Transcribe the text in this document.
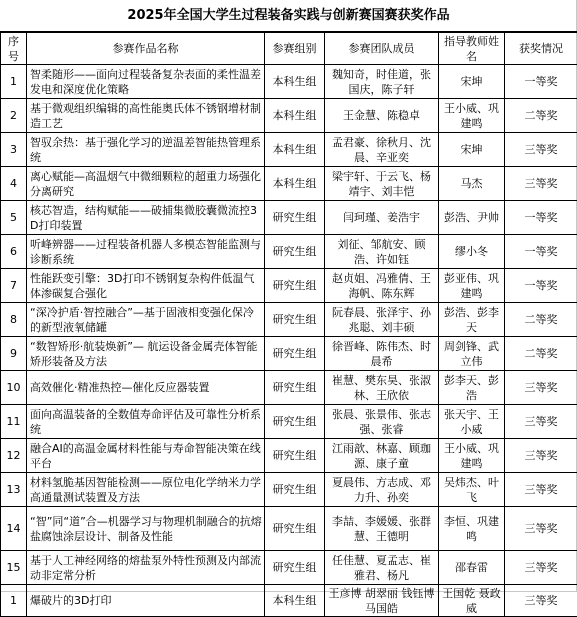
2025年全国大学生过程装备实践与创新赛国赛获奖作品
序号	参赛作品名称	参赛组别	参赛团队成员	指导教师姓名	获奖情况
1	智柔随形——面向过程装备复杂表面的柔性温差发电和深度优化策略	本科生组	魏知奇，时佳道，张国庆，陈子轩	宋坤	一等奖
2	基于微观组织编辑的高性能奥氏体不锈钢增材制造工艺	本科生组	王金慧、陈稳卓	王小威、巩建鸣	二等奖
3	智驭余热：基于强化学习的逆温差智能热管理系统	本科生组	孟君豪、徐秋月、沈晨、辛亚奕	宋坤	三等奖
4	离心赋能—高温烟气中微细颗粒的超重力场强化分离研究	本科生组	梁宇轩、于云飞、杨靖宇、刘丰恺	马杰	三等奖
5	核芯智造，结构赋能——破捕集微胶囊微流控3D打印装置	研究生组	闫珂瑾、姜浩宇	彭浩、尹帅	一等奖
6	听峰辨器——过程装备机器人多模态智能监测与诊断系统	研究生组	刘征、邹航安、顾浩、许如钰	缪小冬	一等奖
7	性能跃变引擎：3D打印不锈钢复杂构件低温气体渗碳复合强化	研究生组	赵贞姐、冯雅倩、王海帆、陈东辉	彭亚伟、巩建鸣	一等奖
8	“深冷护盾·智控融合”—基于固液相变强化保冷的新型液氧储罐	研究生组	阮春晨、张泽宇、孙兆聪、刘丰硕	彭浩、彭李天	二等奖
9	“数智矫形·航装焕新”— 航运设备金属壳体智能矫形装备及方法	研究生组	徐晋峰、陈伟杰、时晨希	周剑锋、武立伟	二等奖
10	高效催化·精准热控—催化反应器装置	研究生组	崔慧、樊东昊、张淑林、王欣依	彭李天、彭浩	三等奖
11	面向高温装备的全数值寿命评估及可靠性分析系统	研究生组	张晨、张景伟、张志强、张睿	张天宇、王小威	三等奖
12	融合AI的高温金属材料性能与寿命智能决策在线平台	研究生组	江雨歆、林嘉、顾珈源、康子童	王小威、巩建鸣	三等奖
13	材料氢脆基因智能检测——原位电化学纳米力学高通量测试装置及方法	研究生组	夏晨伟、方志成、邓力升、孙奕	吴炜杰、叶飞	三等奖
14	“智”同“道”合—机器学习与物理机制融合的抗熔盐腐蚀涂层设计、制备及性能	研究生组	李喆、李媛媛、张群慧、王德明	李恒、巩建鸣	三等奖
15	基于人工神经网络的熔盐泵外特性预测及内部流动非定常分析	研究生组	任佳慧、夏孟志、崔雅君、杨凡	邵春雷	三等奖
1	爆破片的3D打印	本科生组	王彦博 胡翠丽 钱钰博 马国皓	王国乾 聂政威	三等奖
